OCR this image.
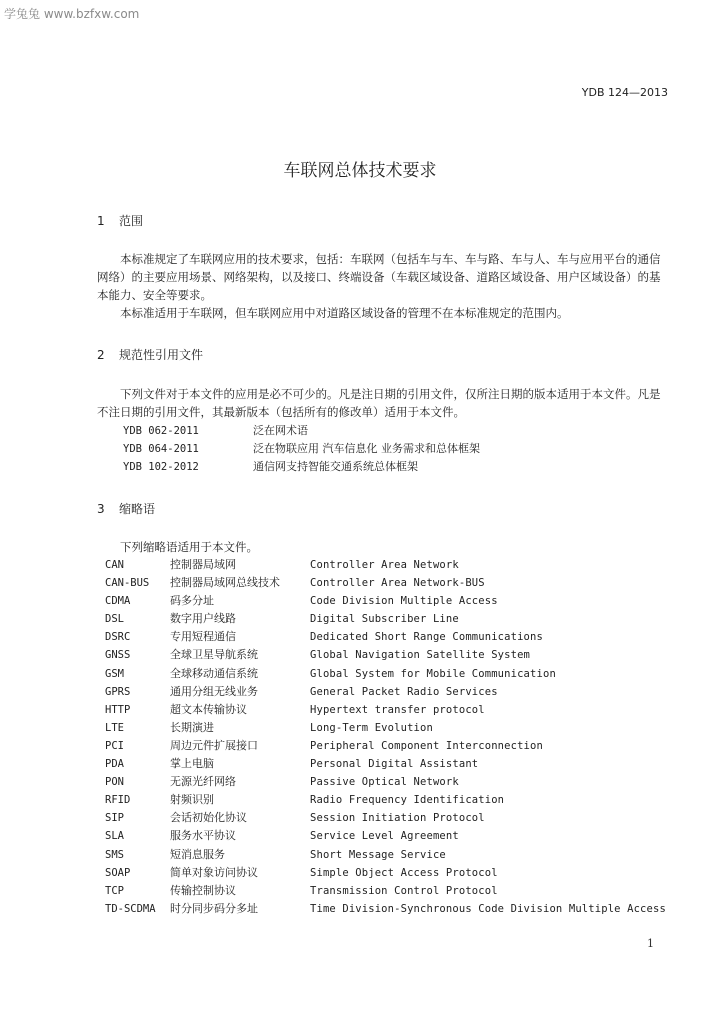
学兔兔 www.bzfxw.com
YDB 124—2013
车联网总体技术要求
1 范围

本标准规定了车联网应用的技术要求，包括：车联网（包括车与车、车与路、车与人、车与应用平台的通信网络）的主要应用场景、网络架构，以及接口、终端设备（车载区域设备、道路区域设备、用户区域设备）的基本能力、安全等要求。

本标准适用于车联网，但车联网应用中对道路区域设备的管理不在本标准规定的范围内。

2 规范性引用文件

下列文件对于本文件的应用是必不可少的。凡是注日期的引用文件，仅所注日期的版本适用于本文件。凡是不注日期的引用文件，其最新版本（包括所有的修改单）适用于本文件。

YDB 062-2011	泛在网术语
YDB 064-2011	泛在物联应用 汽车信息化 业务需求和总体框架
YDB 102-2012	通信网支持智能交通系统总体框架
3 缩略语
下列缩略语适用于本文件。
CAN	控制器局域网	Controller Area Network
CAN-BUS	控制器局域网总线技术	Controller Area Network-BUS
CDMA	码多分址	Code Division Multiple Access
DSL	数字用户线路	Digital Subscriber Line
DSRC	专用短程通信	Dedicated Short Range Communications
GNSS	全球卫星导航系统	Global Navigation Satellite System
GSM	全球移动通信系统	Global System for Mobile Communication
GPRS	通用分组无线业务	General Packet Radio Services
HTTP	超文本传输协议	Hypertext transfer protocol
LTE	长期演进	Long-Term Evolution
PCI	周边元件扩展接口	Peripheral Component Interconnection
PDA	掌上电脑	Personal Digital Assistant
PON	无源光纤网络	Passive Optical Network
RFID	射频识别	Radio Frequency Identification
SIP	会话初始化协议	Session Initiation Protocol
SLA	服务水平协议	Service Level Agreement
SMS	短消息服务	Short Message Service
SOAP	简单对象访问协议	Simple Object Access Protocol
TCP	传输控制协议	Transmission Control Protocol
TD-SCDMA	时分同步码分多址	Time Division-Synchronous Code Division Multiple Access
1
